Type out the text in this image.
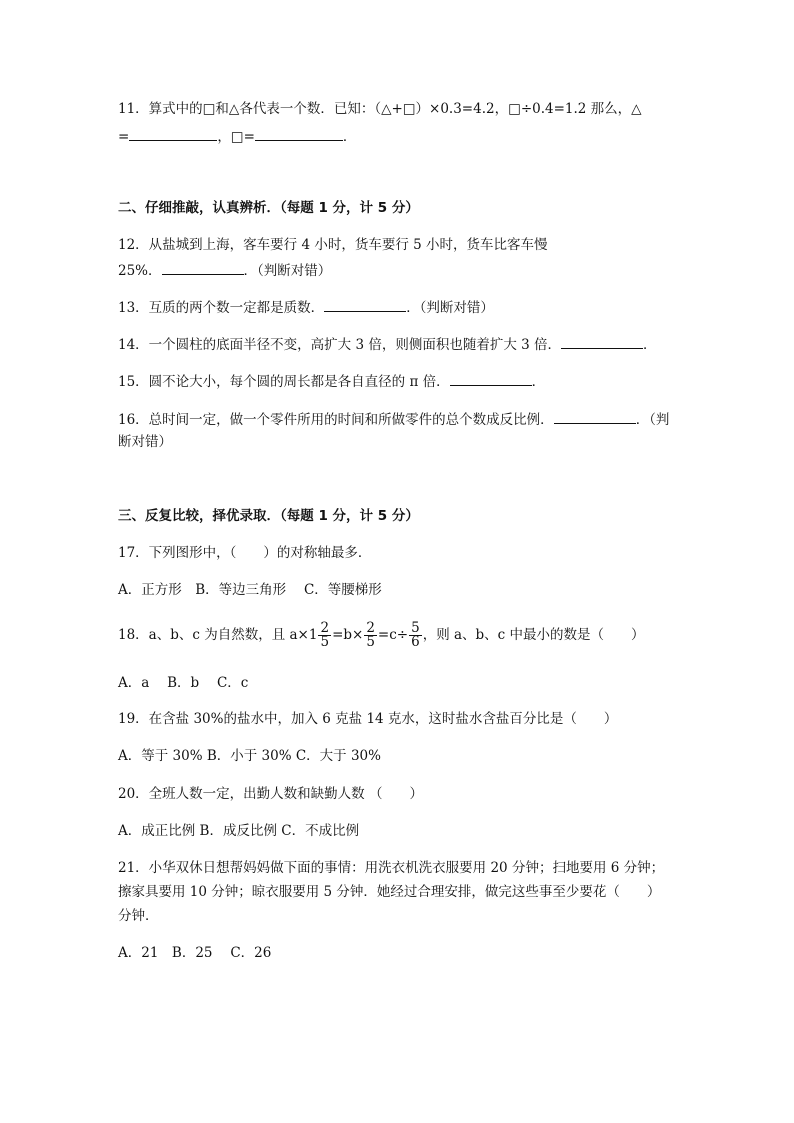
11．算式中的□和△各代表一个数．已知：（△+□）×0.3=4.2，□÷0.4=1.2 那么，△
=	，□=	．
二、仔细推敲，认真辨析．（每题 1 分，计 5 分）
12．从盐城到上海，客车要行 4 小时，货车要行 5 小时，货车比客车慢
25%．	．（判断对错）
13．互质的两个数一定都是质数．	．（判断对错）
14．一个圆柱的底面半径不变，高扩大 3 倍，则侧面积也随着扩大 3 倍．	．
15．圆不论大小，每个圆的周长都是各自直径的 π 倍．	．
16．总时间一定，做一个零件所用的时间和所做零件的总个数成反比例．	．（判
断对错）
三、反复比较，择优录取．（每题 1 分，计 5 分）
17．下列图形中，（　　）的对称轴最多．
A．正方形　B．等边三角形　 C．等腰梯形
18．a、b、c 为自然数，且 $a\times 1 \frac{2}{5} =b\times \frac{2}{5} =c\div \frac{5}{6}$ ，则 a、b、c 中最小的数是（　　）
A．a　 B．b　 C．c
19．在含盐 30%的盐水中，加入 6 克盐 14 克水，这时盐水含盐百分比是（　　）
A．等于 30% B．小于 30% C．大于 30%
20．全班人数一定，出勤人数和缺勤人数 （　　）
A．成正比例 B．成反比例 C．不成比例
21．小华双休日想帮妈妈做下面的事情：用洗衣机洗衣服要用 20 分钟；扫地要用 6 分钟；
擦家具要用 10 分钟；晾衣服要用 5 分钟．她经过合理安排，做完这些事至少要花（　　）
分钟．
A．21　B．25　 C．26
